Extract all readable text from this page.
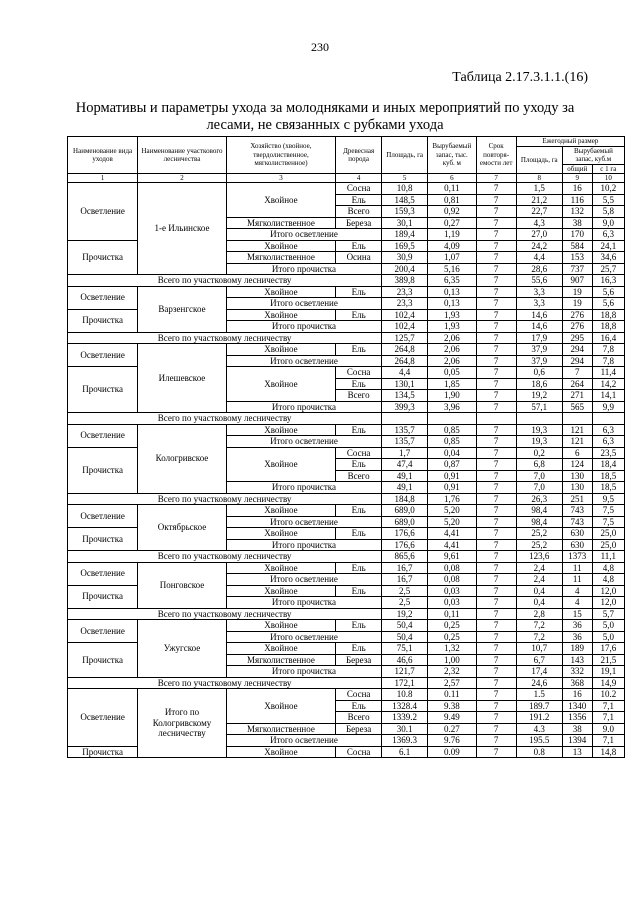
230
Таблица 2.17.3.1.1.(16)
Нормативы и параметры ухода за молодняками и иных мероприятий по уходу за лесами, не связанных с рубками ухода
Наименование вида уходов	Наименование участкового лесничества	Хозяйство (хвойное, твердолиственное, мягколиственное)	Древесная порода	Площадь, га	Вырубаемый запас, тыс. куб. м	Срок повторя-емости лет	Ежегодный размер		
							Площадь, га	Вырубаемый запас, куб.м	
								общий	с 1 га
1	2	3	4	5	6	7	8	9	10
Осветление	1-е Ильинское	Хвойное	Сосна	10,8	0,11	7	1,5	16	10,2
			Ель	148,5	0,81	7	21,2	116	5,5
			Всего	159,3	0,92	7	22,7	132	5,8
		Мягколиственное	Береза	30,1	0,27	7	4,3	38	9,0
		Итого осветление		189,4	1,19	7	27,0	170	6,3
Прочистка		Хвойное	Ель	169,5	4,09	7	24,2	584	24,1
		Мягколиственное	Осина	30,9	1,07	7	4,4	153	34,6
		Итого прочистка		200,4	5,16	7	28,6	737	25,7
Всего по участковому лесничеству				389,8	6,35	7	55,6	907	16,3
Осветление	Варзенгское	Хвойное	Ель	23,3	0,13	7	3,3	19	5,6
		Итого осветление		23,3	0,13	7	3,3	19	5,6
Прочистка		Хвойное	Ель	102,4	1,93	7	14,6	276	18,8
		Итого прочистка		102,4	1,93	7	14,6	276	18,8
Всего по участковому лесничеству				125,7	2,06	7	17,9	295	16,4
Осветление	Илешевское	Хвойное	Ель	264,8	2,06	7	37,9	294	7,8
		Итого осветление		264,8	2,06	7	37,9	294	7,8
Прочистка		Хвойное	Сосна	4,4	0,05	7	0,6	7	11,4
			Ель	130,1	1,85	7	18,6	264	14,2
			Всего	134,5	1,90	7	19,2	271	14,1
		Итого прочистка		399,3	3,96	7	57,1	565	9,9
Всего по участковому лесничеству									
Осветление	Кологривское	Хвойное	Ель	135,7	0,85	7	19,3	121	6,3
		Итого осветление		135,7	0,85	7	19,3	121	6,3
Прочистка		Хвойное	Сосна	1,7	0,04	7	0,2	6	23,5
			Ель	47,4	0,87	7	6,8	124	18,4
			Всего	49,1	0,91	7	7,0	130	18,5
		Итого прочистка		49,1	0,91	7	7,0	130	18,5
Всего по участковому лесничеству				184,8	1,76	7	26,3	251	9,5
Осветление	Октябрьское	Хвойное	Ель	689,0	5,20	7	98,4	743	7,5
		Итого осветление		689,0	5,20	7	98,4	743	7,5
Прочистка		Хвойное	Ель	176,6	4,41	7	25,2	630	25,0
		Итого прочистка		176,6	4,41	7	25,2	630	25,0
Всего по участковому лесничеству				865,6	9,61	7	123,6	1373	11,1
Осветление	Понговское	Хвойное	Ель	16,7	0,08	7	2,4	11	4,8
		Итого осветление		16,7	0,08	7	2,4	11	4,8
Прочистка		Хвойное	Ель	2,5	0,03	7	0,4	4	12,0
		Итого прочистка		2,5	0,03	7	0,4	4	12,0
Всего по участковому лесничеству				19,2	0,11	7	2,8	15	5,7
Осветление	Ужугское	Хвойное	Ель	50,4	0,25	7	7,2	36	5,0
		Итого осветление		50,4	0,25	7	7,2	36	5,0
Прочистка		Хвойное	Ель	75,1	1,32	7	10,7	189	17,6
		Мягколиственное	Береза	46,6	1,00	7	6,7	143	21,5
		Итого прочистка		121,7	2,32	7	17,4	332	19,1
Всего по участковому лесничеству				172,1	2,57	7	24,6	368	14,9
Осветление	Итого по Кологривскому лесничеству	Хвойное	Сосна	10.8	0.11	7	1.5	16	10.2
			Ель	1328.4	9.38	7	189.7	1340	7,1
			Всего	1339.2	9.49	7	191.2	1356	7,1
		Мягколиственное	Береза	30.1	0.27	7	4.3	38	9.0
		Итого осветление		1369.3	9.76	7	195.5	1394	7,1
Прочистка		Хвойное	Сосна	6.1	0.09	7	0.8	13	14,8
